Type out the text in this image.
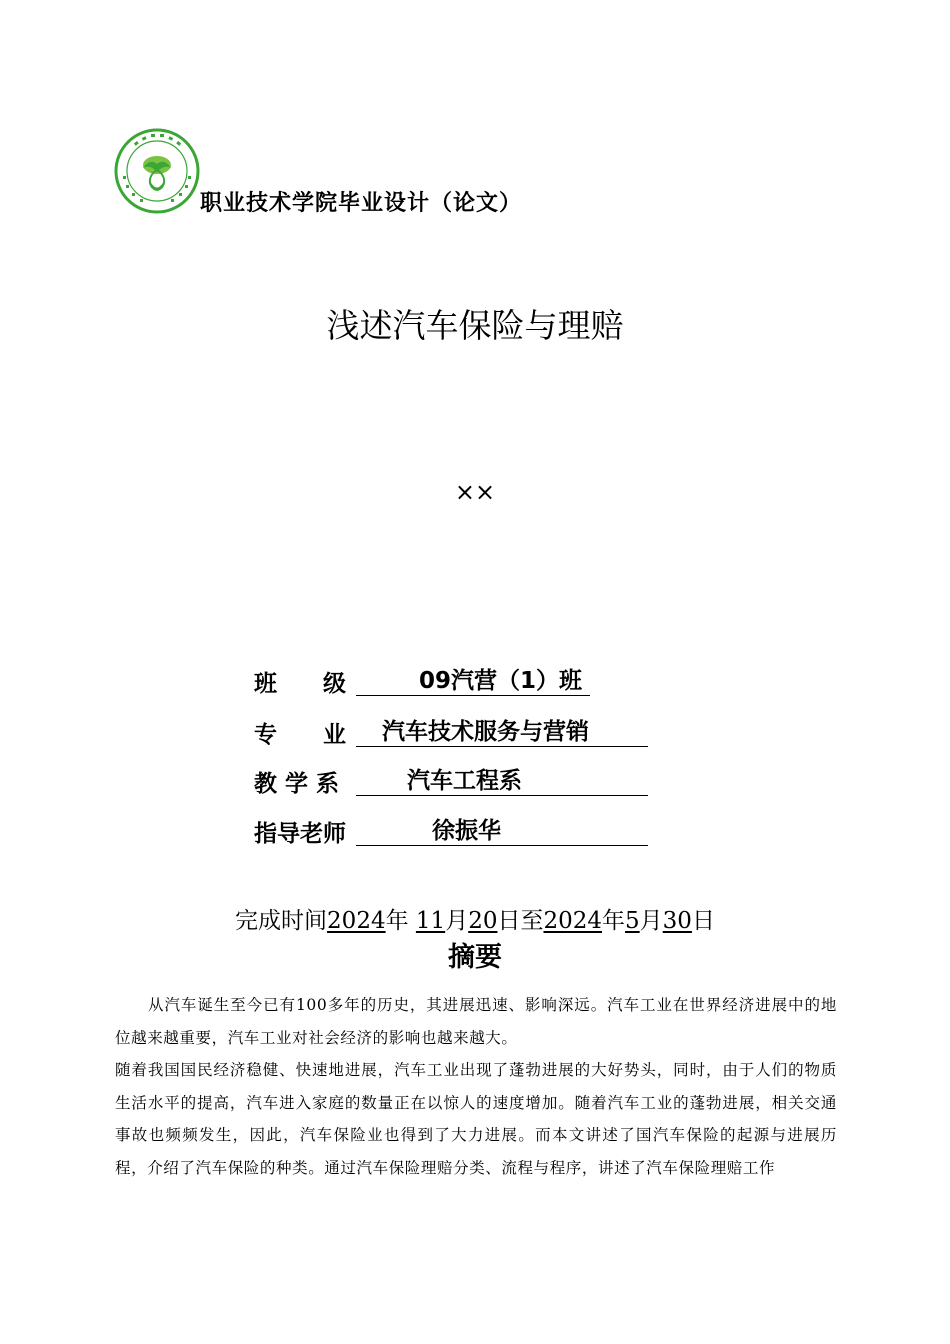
职业技术学院毕业设计（论文）
浅述汽车保险与理赔
××
班　　级	09汽营（1）班
专　　业	汽车技术服务与营销
教 学 系	汽车工程系
指导老师	徐振华
完成时间2024年 11月20日至2024年5月30日
摘要

从汽车诞生至今已有100多年的历史，其进展迅速、影响深远。汽车工业在世界经济进展中的地位越来越重要，汽车工业对社会经济的影响也越来越大。

随着我国国民经济稳健、快速地进展，汽车工业出现了蓬勃进展的大好势头，同时，由于人们的物质生活水平的提高，汽车进入家庭的数量正在以惊人的速度增加。随着汽车工业的蓬勃进展，相关交通事故也频频发生，因此，汽车保险业也得到了大力进展。而本文讲述了国汽车保险的起源与进展历程，介绍了汽车保险的种类。通过汽车保险理赔分类、流程与程序，讲述了汽车保险理赔工作
